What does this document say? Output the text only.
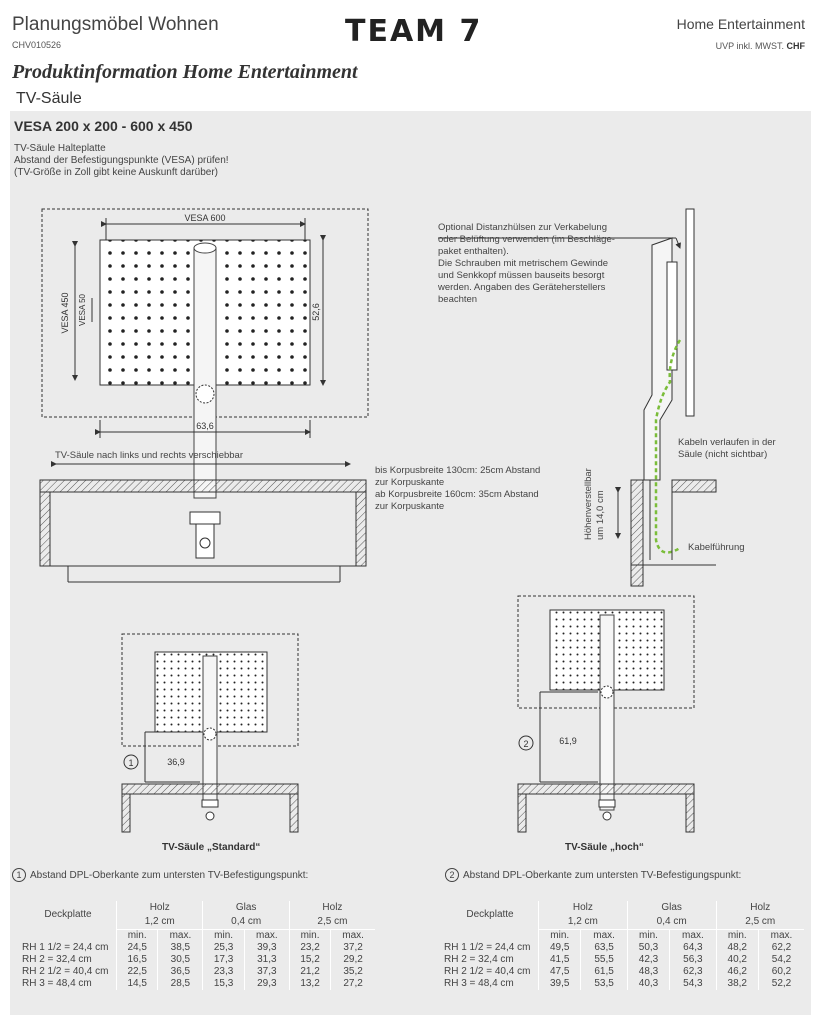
Planungsmöbel Wohnen
CHV010526	TEAM 7	Home Entertainment
UVP inkl. MWST. CHF
Produktinformation Home Entertainment
TV-Säule
VESA 200 x 200 - 600 x 450
TV-Säule Halteplatte
Abstand der Befestigungspunkte (VESA) prüfen!
(TV-Größe in Zoll gibt keine Auskunft darüber)
VESA 600
VESA 450 VESA 50	52,6
63,6
36,9
1
61,9
2
TV-Säule nach links und rechts verschiebbar
Optional Distanzhülsen zur Verkabelung
oder Belüftung verwenden (im Beschläge-
paket enthalten).
Die Schrauben mit metrischem Gewinde
und Senkkopf müssen bauseits besorgt
werden. Angaben des Geräteherstellers
beachten
bis Korpusbreite 130cm: 25cm Abstand
zur Korpuskante
ab Korpusbreite 160cm: 35cm Abstand
zur Korpuskante
Kabeln verlaufen in der
Säule (nicht sichtbar)
Kabelführung
Höhenverstellbar um 14,0 cm
TV-Säule „Standard“	TV-Säule „hoch“
1 Abstand DPL-Oberkante zum untersten TV-Befestigungspunkt:
Deckplatte	Holz		Glas		Holz	
	1,2 cm		0,4 cm		2,5 cm	
	min.	max.	min.	max.	min.	max.
RH 1 1/2 = 24,4 cm	24,5	38,5	25,3	39,3	23,2	37,2
RH 2 = 32,4 cm	16,5	30,5	17,3	31,3	15,2	29,2
RH 2 1/2 = 40,4 cm	22,5	36,5	23,3	37,3	21,2	35,2
RH 3 = 48,4 cm	14,5	28,5	15,3	29,3	13,2	27,2
2 Abstand DPL-Oberkante zum untersten TV-Befestigungspunkt:
Deckplatte	Holz		Glas		Holz	
	1,2 cm		0,4 cm		2,5 cm	
	min.	max.	min.	max.	min.	max.
RH 1 1/2 = 24,4 cm	49,5	63,5	50,3	64,3	48,2	62,2
RH 2 = 32,4 cm	41,5	55,5	42,3	56,3	40,2	54,2
RH 2 1/2 = 40,4 cm	47,5	61,5	48,3	62,3	46,2	60,2
RH 3 = 48,4 cm	39,5	53,5	40,3	54,3	38,2	52,2
